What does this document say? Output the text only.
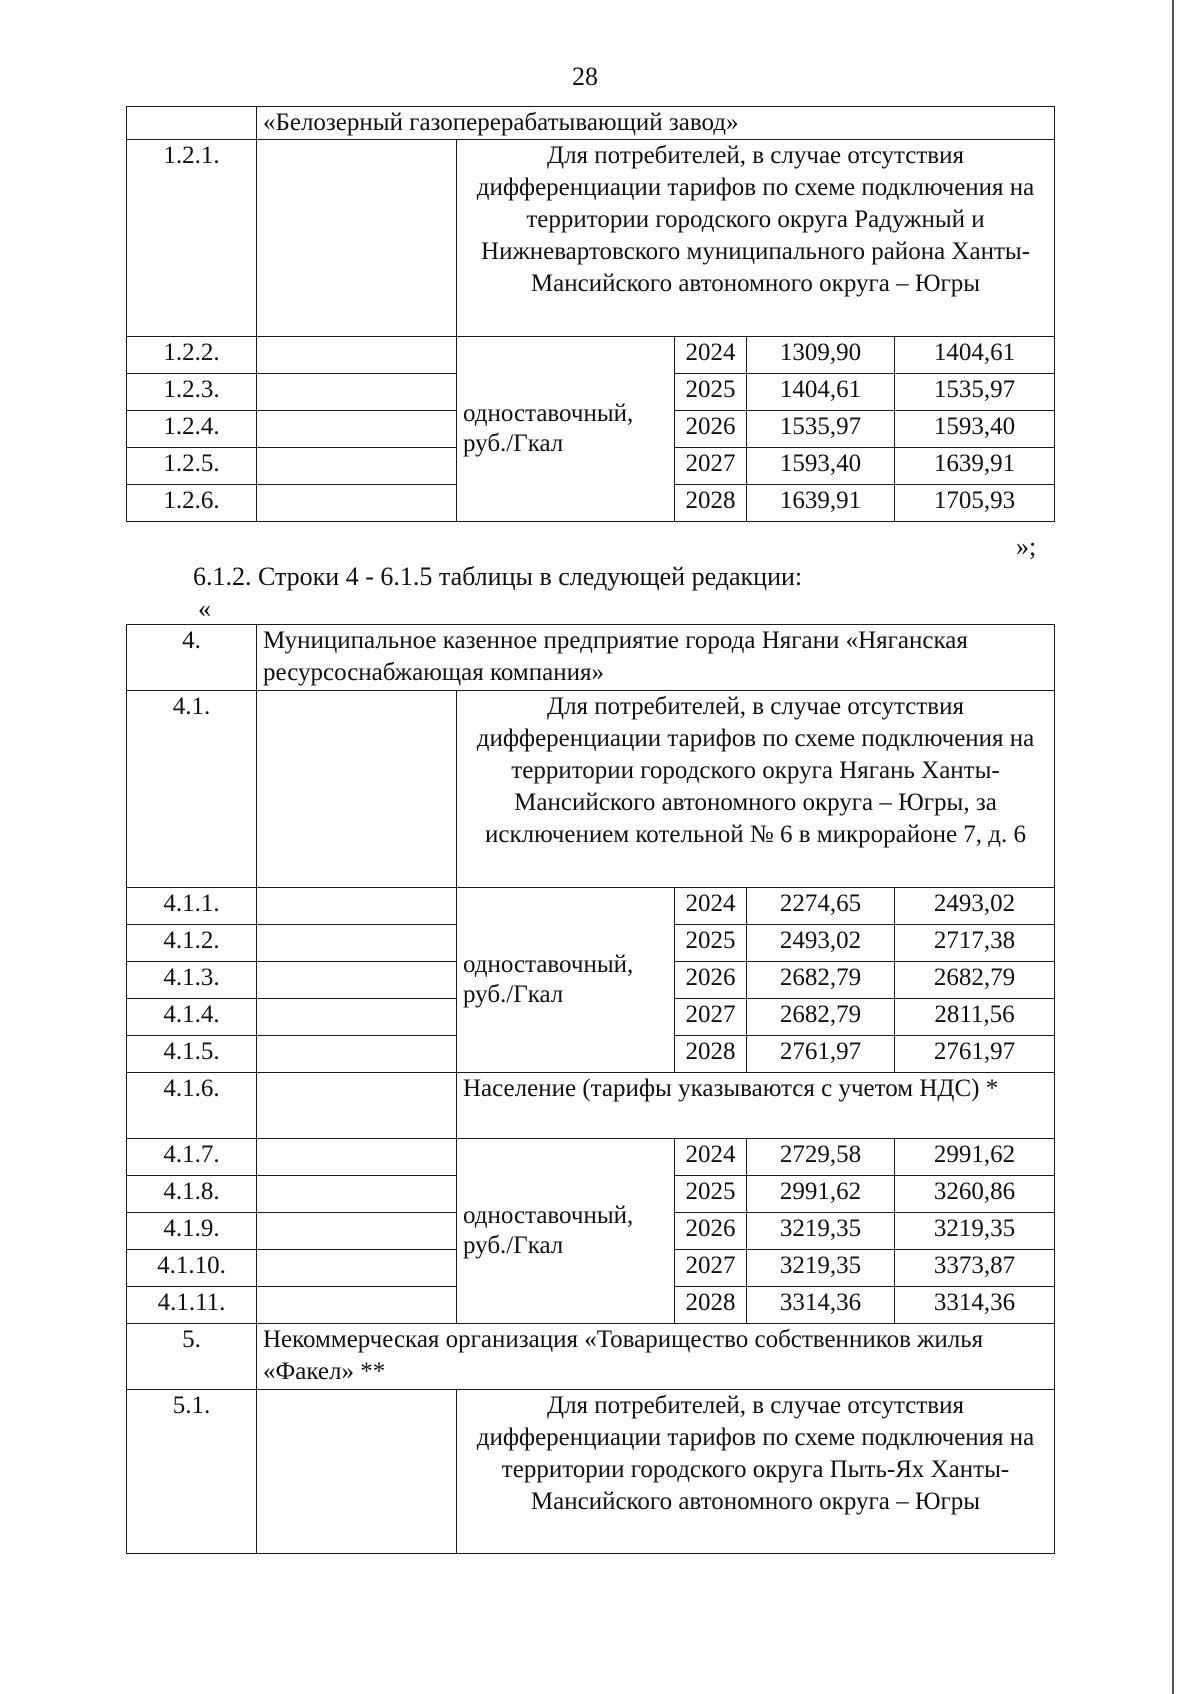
28
	«Белозерный газоперерабатывающий завод»				
1.2.1.		Для потребителей, в случае отсутствия дифференциации тарифов по схеме подключения на территории городского округа Радужный и Нижневартовского муниципального района Ханты-Мансийского автономного округа – Югры			
1.2.2.		одноставочный, руб./Гкал	2024	1309,90	1404,61
1.2.3.			2025	1404,61	1535,97
1.2.4.			2026	1535,97	1593,40
1.2.5.			2027	1593,40	1639,91
1.2.6.			2028	1639,91	1705,93
»;
6.1.2. Строки 4 - 6.1.5 таблицы в следующей редакции:
«
4.	Муниципальное казенное предприятие города Нягани «Няганская ресурсоснабжающая компания»				
4.1.		Для потребителей, в случае отсутствия дифференциации тарифов по схеме подключения на территории городского округа Нягань Ханты-Мансийского автономного округа – Югры, за исключением котельной № 6 в микрорайоне 7, д. 6			
4.1.1.		одноставочный, руб./Гкал	2024	2274,65	2493,02
4.1.2.			2025	2493,02	2717,38
4.1.3.			2026	2682,79	2682,79
4.1.4.			2027	2682,79	2811,56
4.1.5.			2028	2761,97	2761,97
4.1.6.		Население (тарифы указываются с учетом НДС) *			
4.1.7.		одноставочный, руб./Гкал	2024	2729,58	2991,62
4.1.8.			2025	2991,62	3260,86
4.1.9.			2026	3219,35	3219,35
4.1.10.			2027	3219,35	3373,87
4.1.11.			2028	3314,36	3314,36
5.	Некоммерческая организация «Товарищество собственников жилья «Факел» **				
5.1.		Для потребителей, в случае отсутствия дифференциации тарифов по схеме подключения на территории городского округа Пыть-Ях Ханты-Мансийского автономного округа – Югры			
